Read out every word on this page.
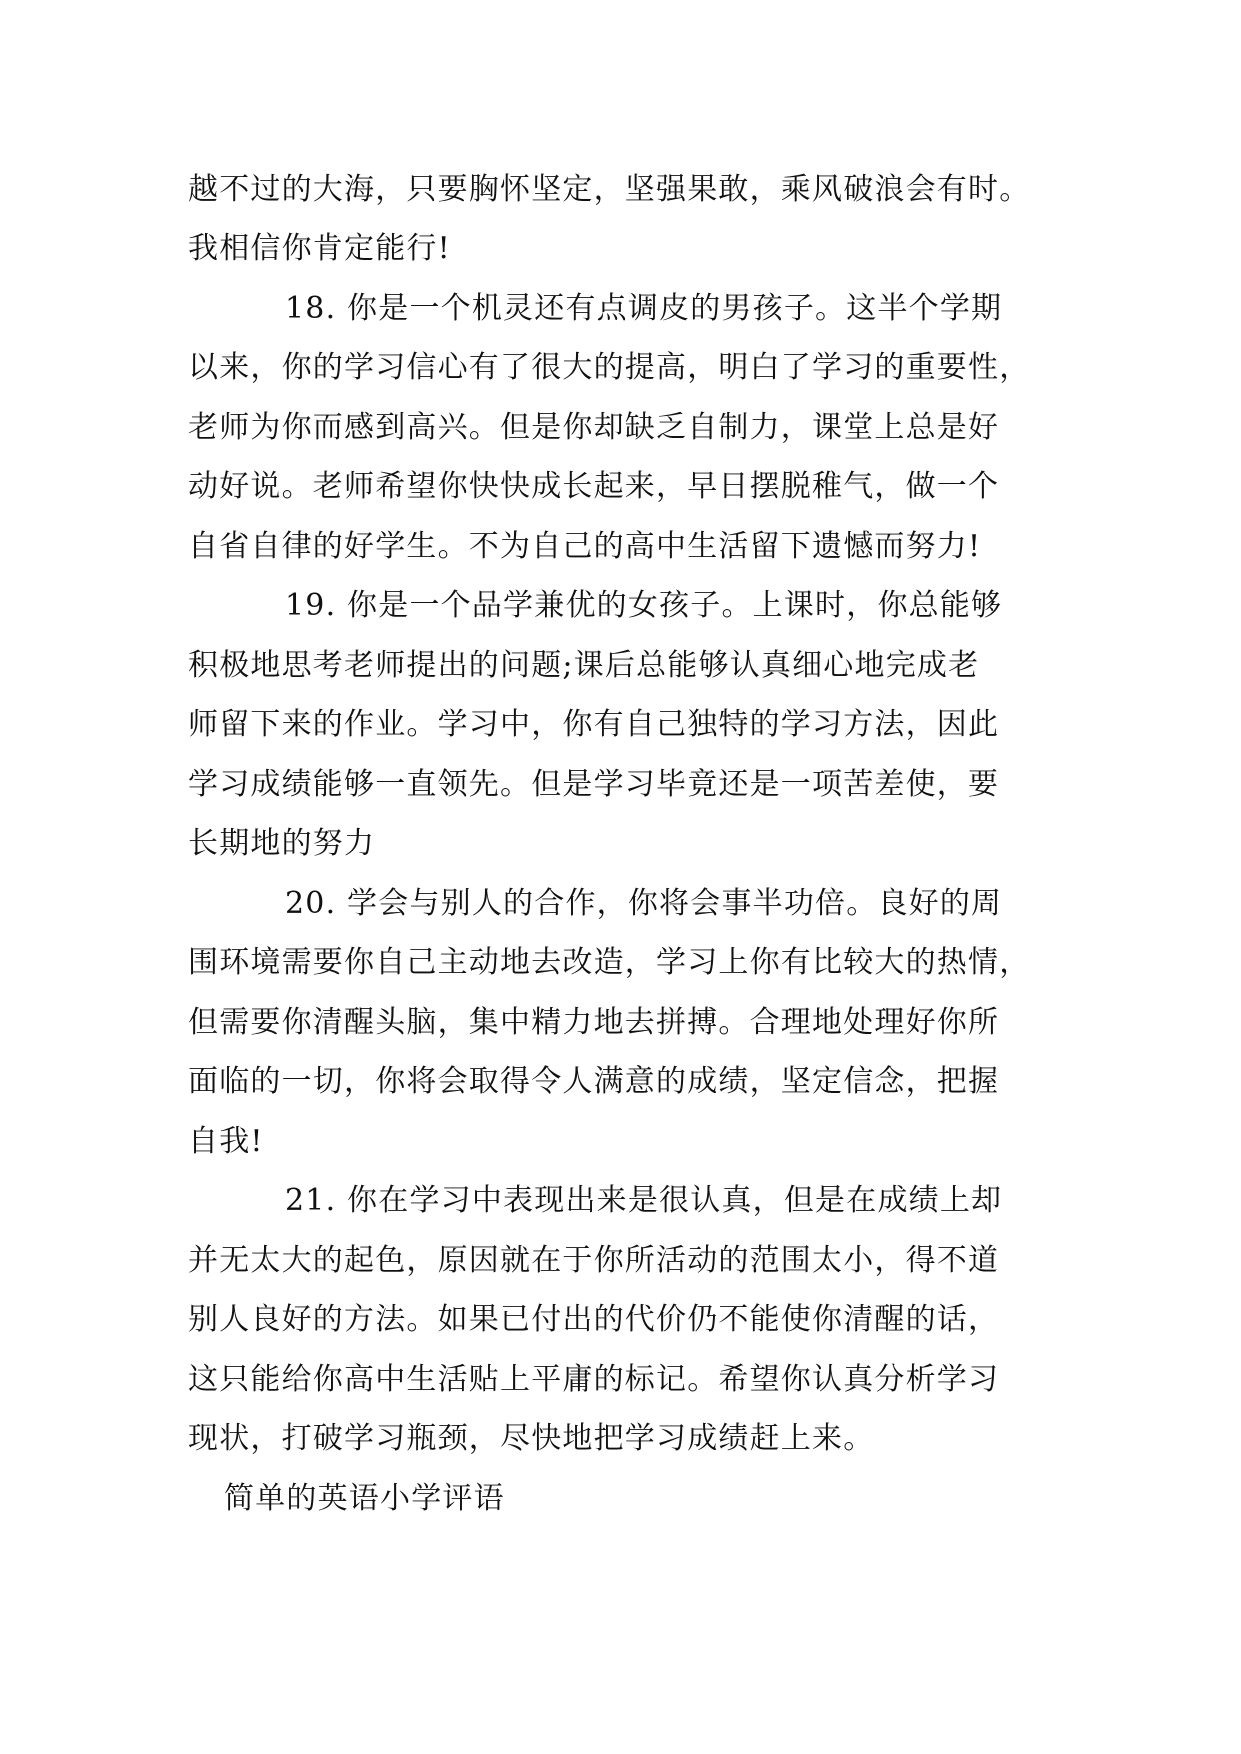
越不过的大海，只要胸怀坚定，坚强果敢，乘风破浪会有时。

我相信你肯定能行!

18. 你是一个机灵还有点调皮的男孩子。这半个学期

以来，你的学习信心有了很大的提高，明白了学习的重要性，

老师为你而感到高兴。但是你却缺乏自制力，课堂上总是好

动好说。老师希望你快快成长起来，早日摆脱稚气，做一个

自省自律的好学生。不为自己的高中生活留下遗憾而努力!

19. 你是一个品学兼优的女孩子。上课时，你总能够

积极地思考老师提出的问题;课后总能够认真细心地完成老

师留下来的作业。学习中，你有自己独特的学习方法，因此

学习成绩能够一直领先。但是学习毕竟还是一项苦差使，要

长期地的努力

20. 学会与别人的合作，你将会事半功倍。良好的周

围环境需要你自己主动地去改造，学习上你有比较大的热情，

但需要你清醒头脑，集中精力地去拼搏。合理地处理好你所

面临的一切，你将会取得令人满意的成绩，坚定信念，把握

自我!

21. 你在学习中表现出来是很认真，但是在成绩上却

并无太大的起色，原因就在于你所活动的范围太小，得不道

别人良好的方法。如果已付出的代价仍不能使你清醒的话，

这只能给你高中生活贴上平庸的标记。希望你认真分析学习

现状，打破学习瓶颈，尽快地把学习成绩赶上来。

简单的英语小学评语
